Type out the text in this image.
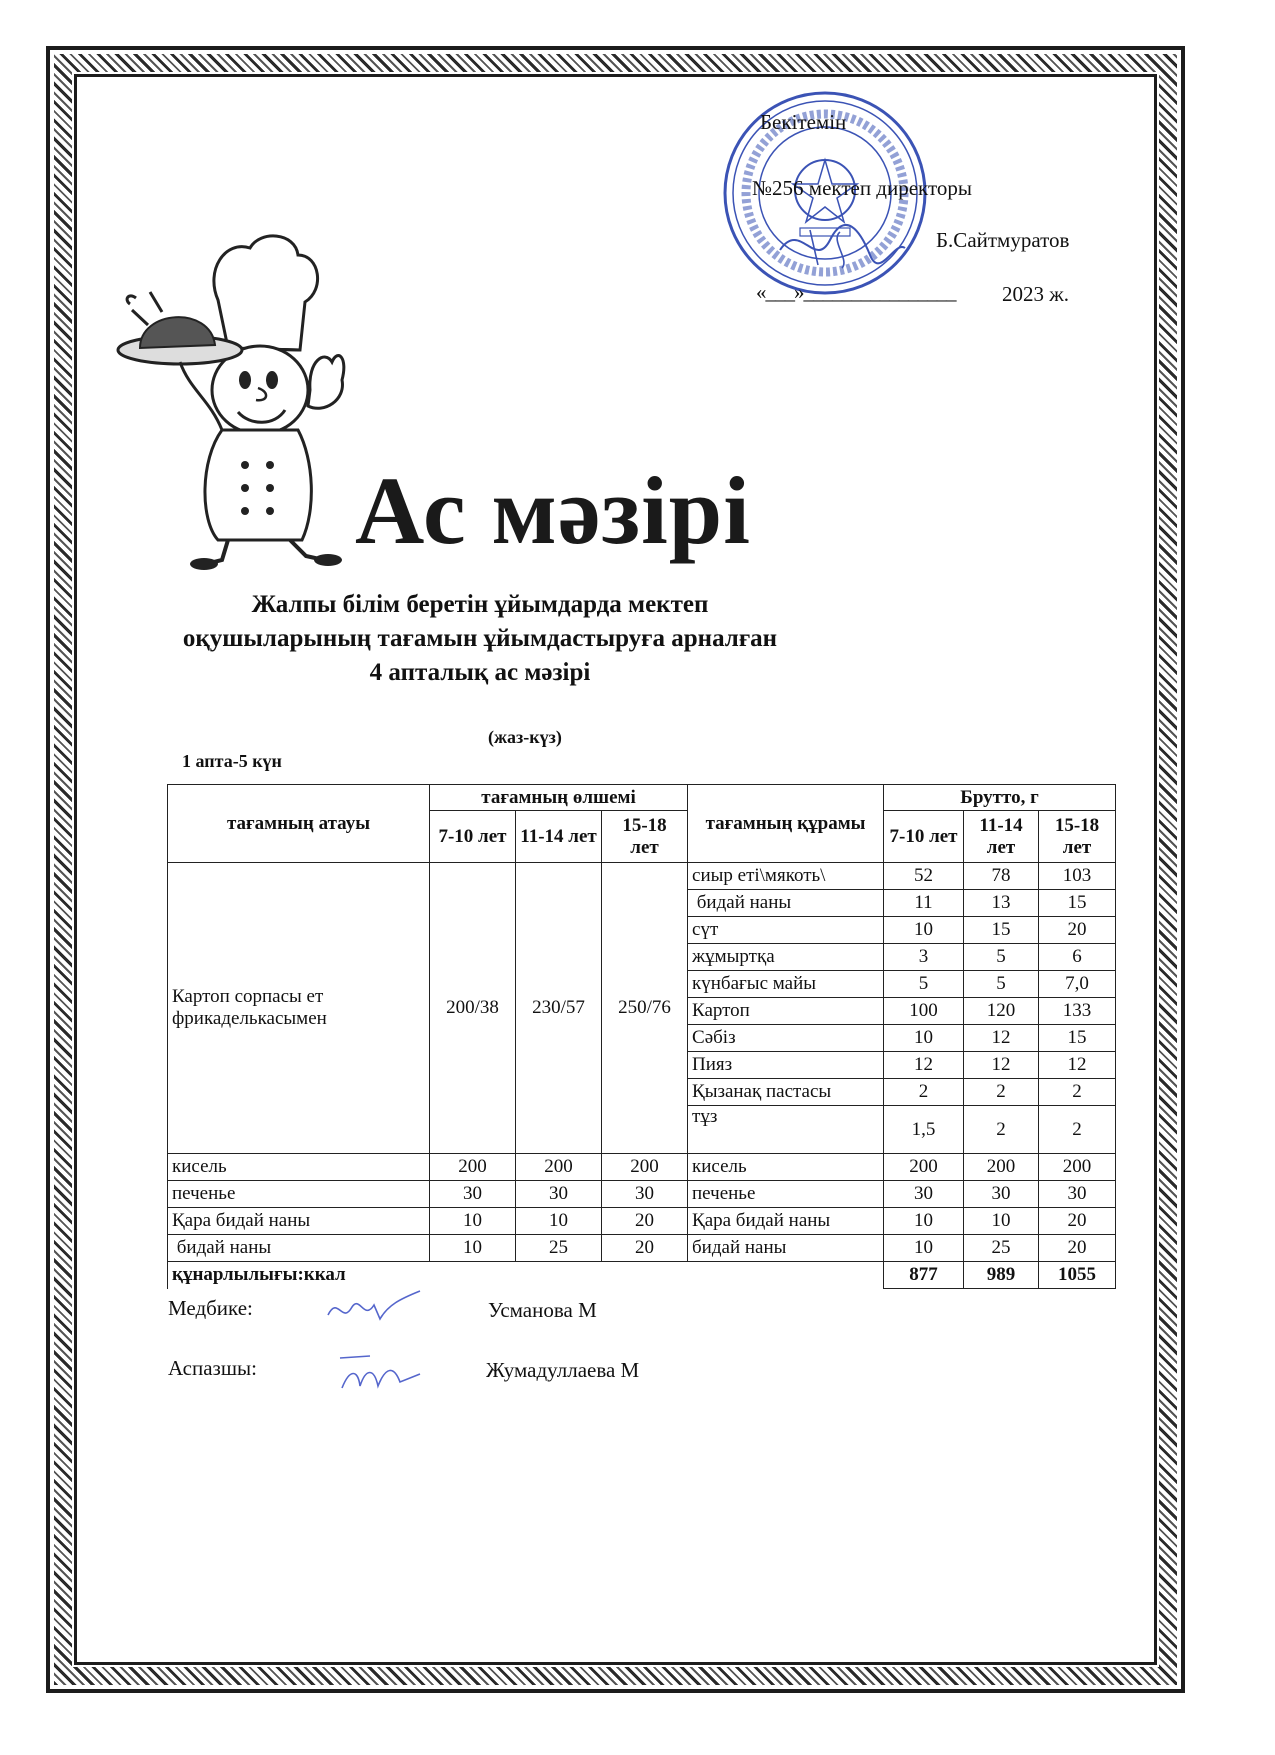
Бекітемін
№256 мектеп директоры
Б.Сайтмуратов
«___»________________ 2023 ж.
Ас мәзірі
Жалпы білім беретін ұйымдарда мектеп оқушыларының тағамын ұйымдастыруға арналған 4 апталық ас мәзірі
(жаз-күз)
1 апта-5 күн
тағамның атауы	тағамның өлшемі			тағамның құрамы	Брутто, г		
	7-10 лет	11-14 лет	15-18 лет		7-10 лет	11-14 лет	15-18 лет
Картоп сорпасы ет фрикаделькасымен	200/38	230/57	250/76	сиыр еті\мякоть\	52	78	103
				бидай наны	11	13	15
				сүт	10	15	20
				жұмыртқа	3	5	6
				күнбағыс майы	5	5	7,0
				Картоп	100	120	133
				Сәбіз	10	12	15
				Пияз	12	12	12
				Қызанақ пастасы	2	2	2
				тұз	1,5	2	2
кисель	200	200	200	кисель	200	200	200
печенье	30	30	30	печенье	30	30	30
Қара бидай наны	10	10	20	Қара бидай наны	10	10	20
бидай наны	10	25	20	бидай наны	10	25	20
құнарлылығы:ккал					877	989	1055
Медбике:	Усманова М
Аспазшы:	Жумадуллаева М
